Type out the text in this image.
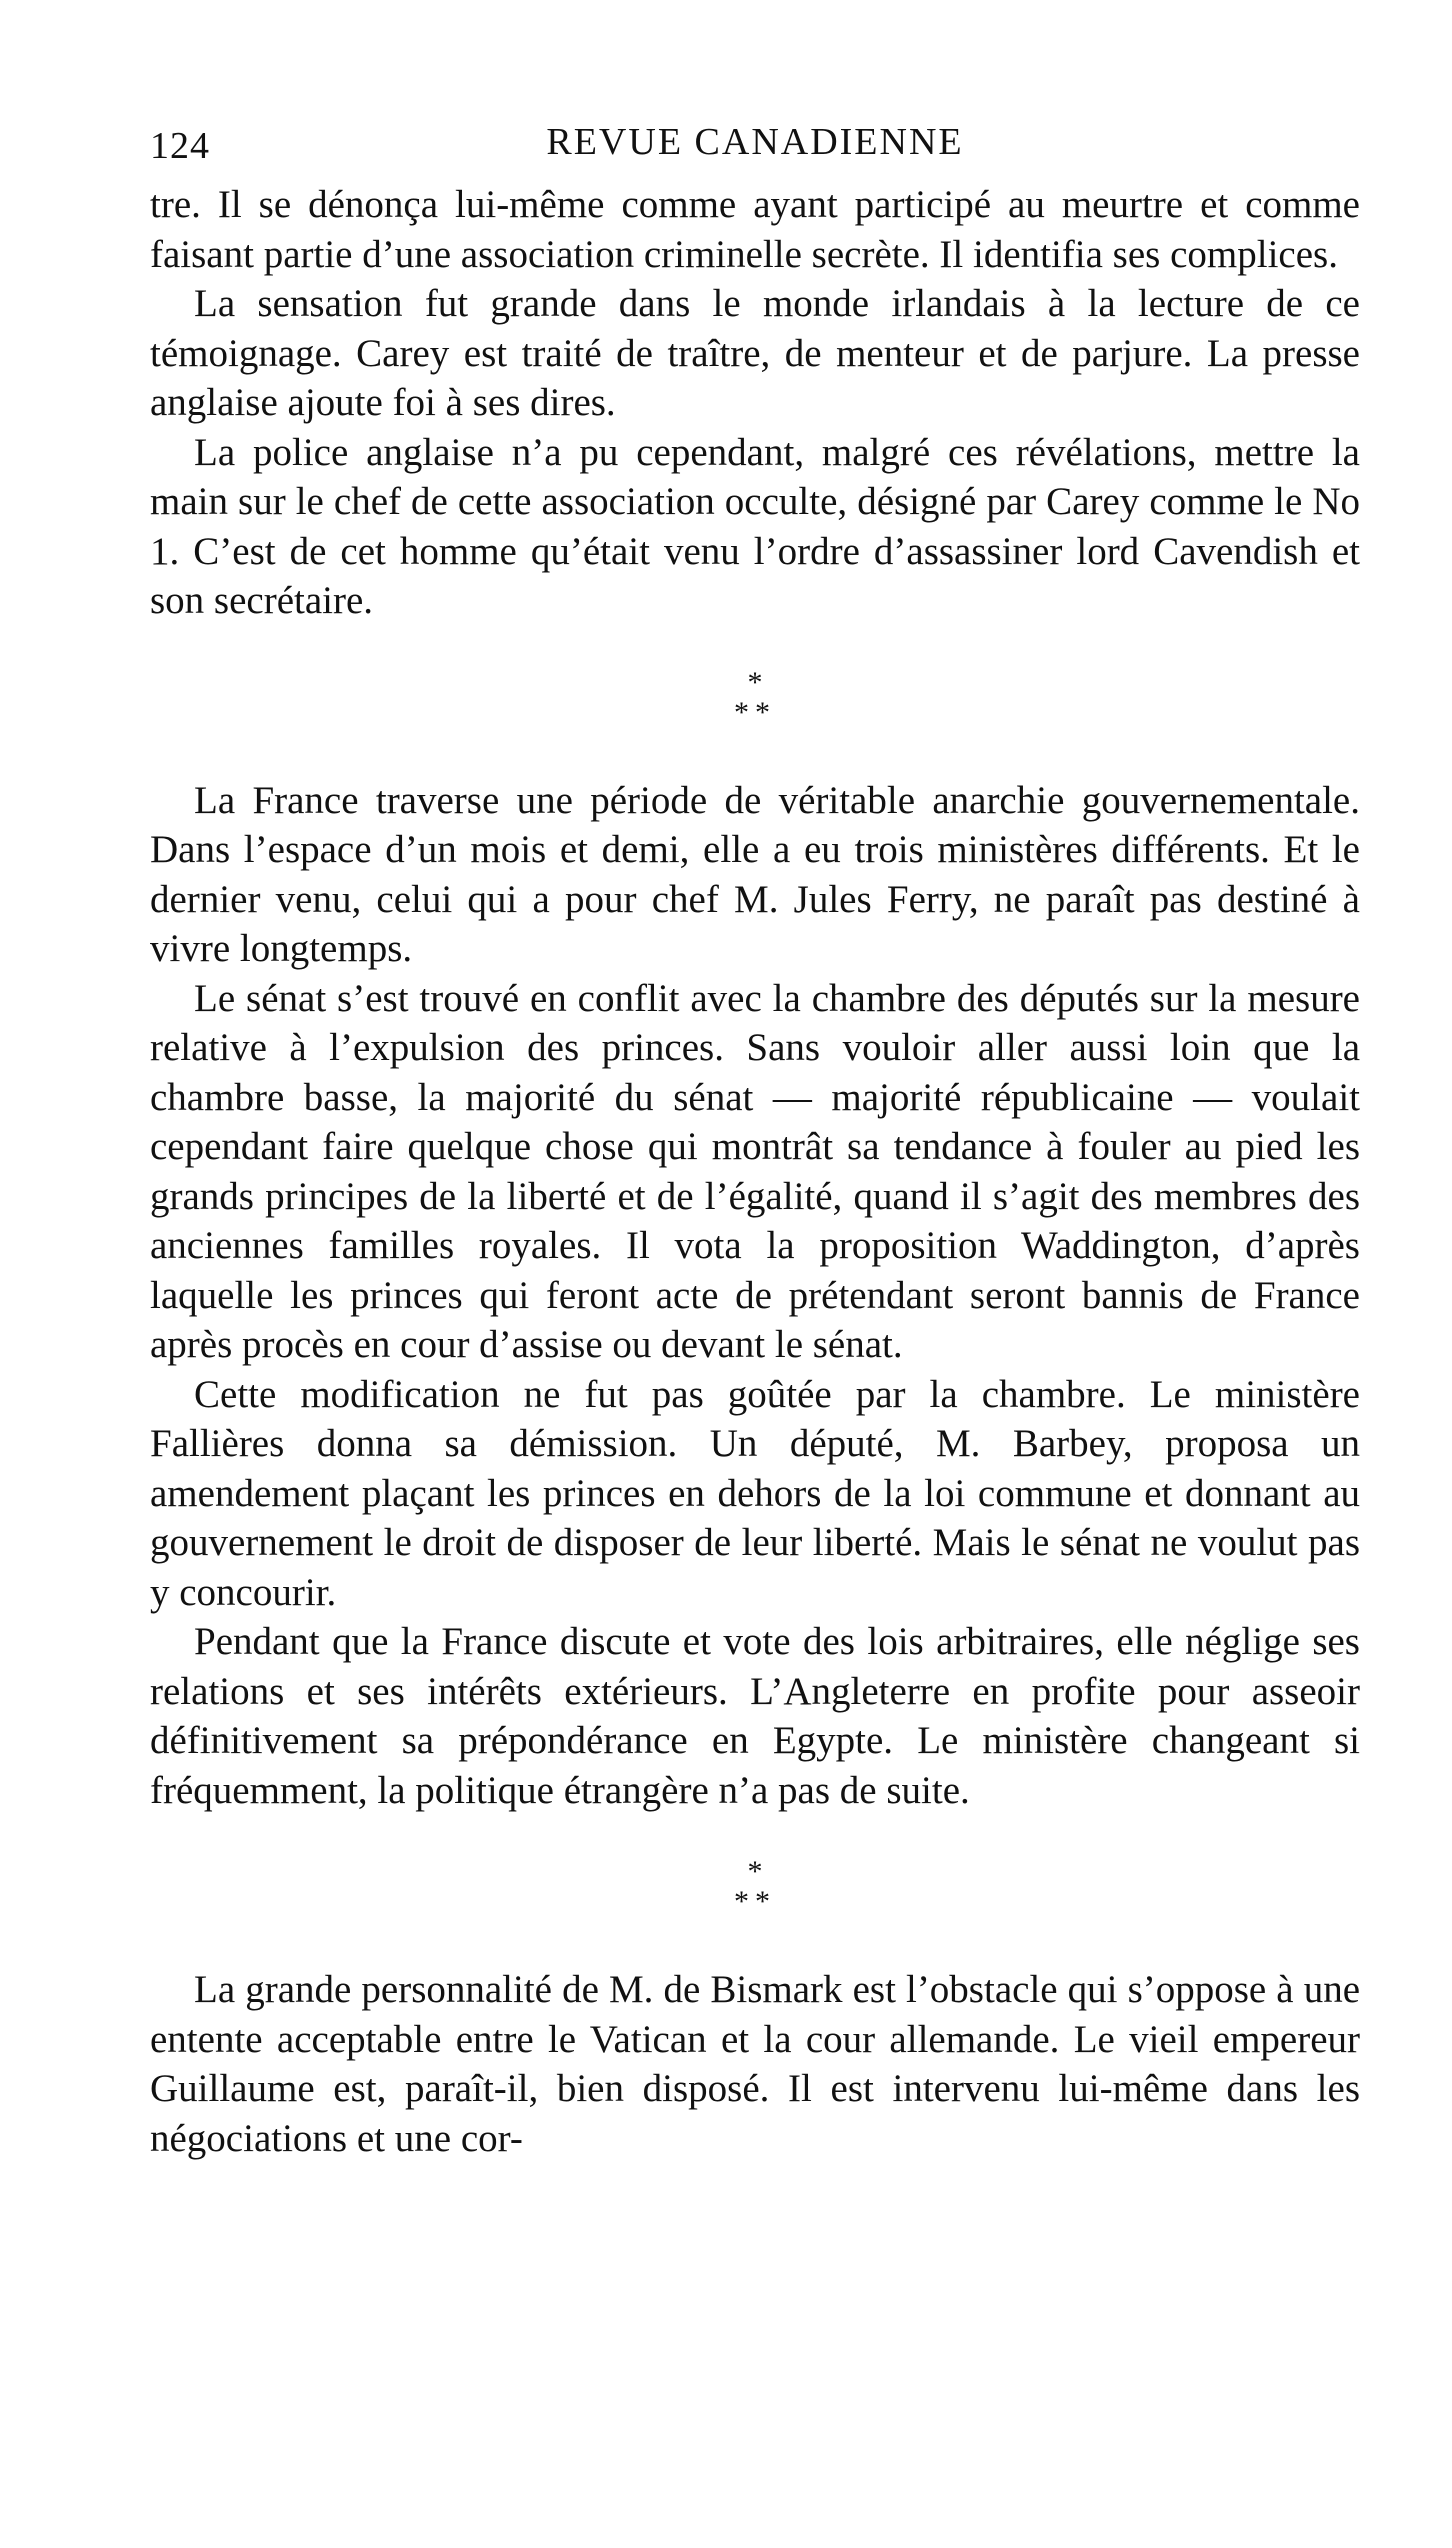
124	REVUE CANADIENNE

tre. Il se dénonça lui-même comme ayant participé au meurtre et comme faisant partie d’une association criminelle secrète. Il identifia ses complices.

La sensation fut grande dans le monde irlandais à la lecture de ce témoignage. Carey est traité de traître, de menteur et de parjure. La presse anglaise ajoute foi à ses dires.

La police anglaise n’a pu cependant, malgré ces révélations, mettre la main sur le chef de cette association occulte, désigné par Carey comme le No 1. C’est de cet homme qu’était venu l’ordre d’assassiner lord Cavendish et son secrétaire.

*
**

La France traverse une période de véritable anarchie gouvernementale. Dans l’espace d’un mois et demi, elle a eu trois ministères différents. Et le dernier venu, celui qui a pour chef M. Jules Ferry, ne paraît pas destiné à vivre longtemps.

Le sénat s’est trouvé en conflit avec la chambre des députés sur la mesure relative à l’expulsion des princes. Sans vouloir aller aussi loin que la chambre basse, la majorité du sénat — majorité républicaine — voulait cependant faire quelque chose qui montrât sa tendance à fouler au pied les grands principes de la liberté et de l’égalité, quand il s’agit des membres des anciennes familles royales. Il vota la proposition Waddington, d’après laquelle les princes qui feront acte de prétendant seront bannis de France après procès en cour d’assise ou devant le sénat.

Cette modification ne fut pas goûtée par la chambre. Le ministère Fallières donna sa démission. Un député, M. Barbey, proposa un amendement plaçant les princes en dehors de la loi commune et donnant au gouvernement le droit de disposer de leur liberté. Mais le sénat ne voulut pas y concourir.

Pendant que la France discute et vote des lois arbitraires, elle néglige ses relations et ses intérêts extérieurs. L’Angleterre en profite pour asseoir définitivement sa prépondérance en Egypte. Le ministère changeant si fréquemment, la politique étrangère n’a pas de suite.

*
**

La grande personnalité de M. de Bismark est l’obstacle qui s’oppose à une entente acceptable entre le Vatican et la cour allemande. Le vieil empereur Guillaume est, paraît-il, bien disposé. Il est intervenu lui-même dans les négociations et une cor-
